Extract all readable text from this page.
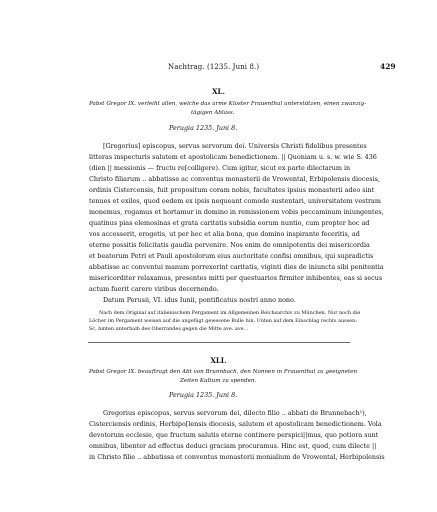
Nachtrag. (1235. Juni 8.)	429
XL.
Pabst Gregor IX. verleiht allen, welche das arme Kloster Frauenthal unterstützen, einen zwanzig-
tägigen Ablass.
Perugia 1235. Juni 8.
[Gregorius] episcopus, servus servorum dei. Universis Christi fidelibus presentes
litteras inspecturis salutem et apostolicam benedictionem. || Quoniam u. s. w. wie S. 436
(dien || messionis — fructu re[colligere). Cum igitur, sicut ex parte dilectarum in
Christo filiarum .. abbatisse ac conventus monasterii de Vrowental, Erbipolensis diocesis,
ordinis Cistercensis, fuit propositum coram nobis, facultates ipsius monasterii adeo sint
tenues et exiles, quod eedem ex ipsis nequeant comode sustentari, universitatem vestram
monemus, rogamus et hortamur in domino in remissionem vobis peccaminum iniungentes,
quatinus pias elemosinas et grata caritatis subsidia eorum nuntio, cum propter hoc ad
vos accesserit, erogetis, ut per hec et alia bona, que domino inspirante feceritis, ad
eterne possitis felicitatis gaudia pervenire. Nos enim de omnipotentis dei misericordia
et beatorum Petri et Pauli apostolorum eius auctoritate confisi omnibus, qui supradictis
abbatisse ac conventui manum porrexerint caritatis, viginti dies de iniuncta sibi penitentia
misericorditer relaxamus, presentes mitti per questuarios firmiter inhibentes, eas si secus
actum fuerit carere viribus decernendo.
Datum Perusii, VI. idus Iunii, pontificatus nostri anno nono.
Nach dem Original auf italienischem Pergament im Allgemeinen Reichsarchiv zu München. Nur noch die
Löcher im Pergament weisen auf die angefügt gewesene Bulle hin. Unten auf dem Einschlag rechts aussen:
Sc, hinten unterhalb des Oberrandes gegen die Mitte ave. ave. .
XLI.
Pabst Gregor IX. beauftragt den Abt von Brunnbach, den Nonnen in Frauenthal zu geeigneten
Zeiten Kultum zu spenden.
Perugia 1235. Juni 8.
Gregorius episcopus, servus servorum dei, dilecto filio .. abbati de Brunnebach¹),
Cisterciensis ordinis, Herbipo[lensis diocesis, salutem et apostolicam benedictionem. Vola
devotorum ecclesie, que fructum salutis eterne continere perspici||mus, quo potiora sunt
omnibus, libenter ad effectus deduci graciam procuramus. Hinc est, quod, cum dilecte ||
in Christo filie .. abbatissa et conventus monasterii monialium de Vrowental, Herbipolensis
